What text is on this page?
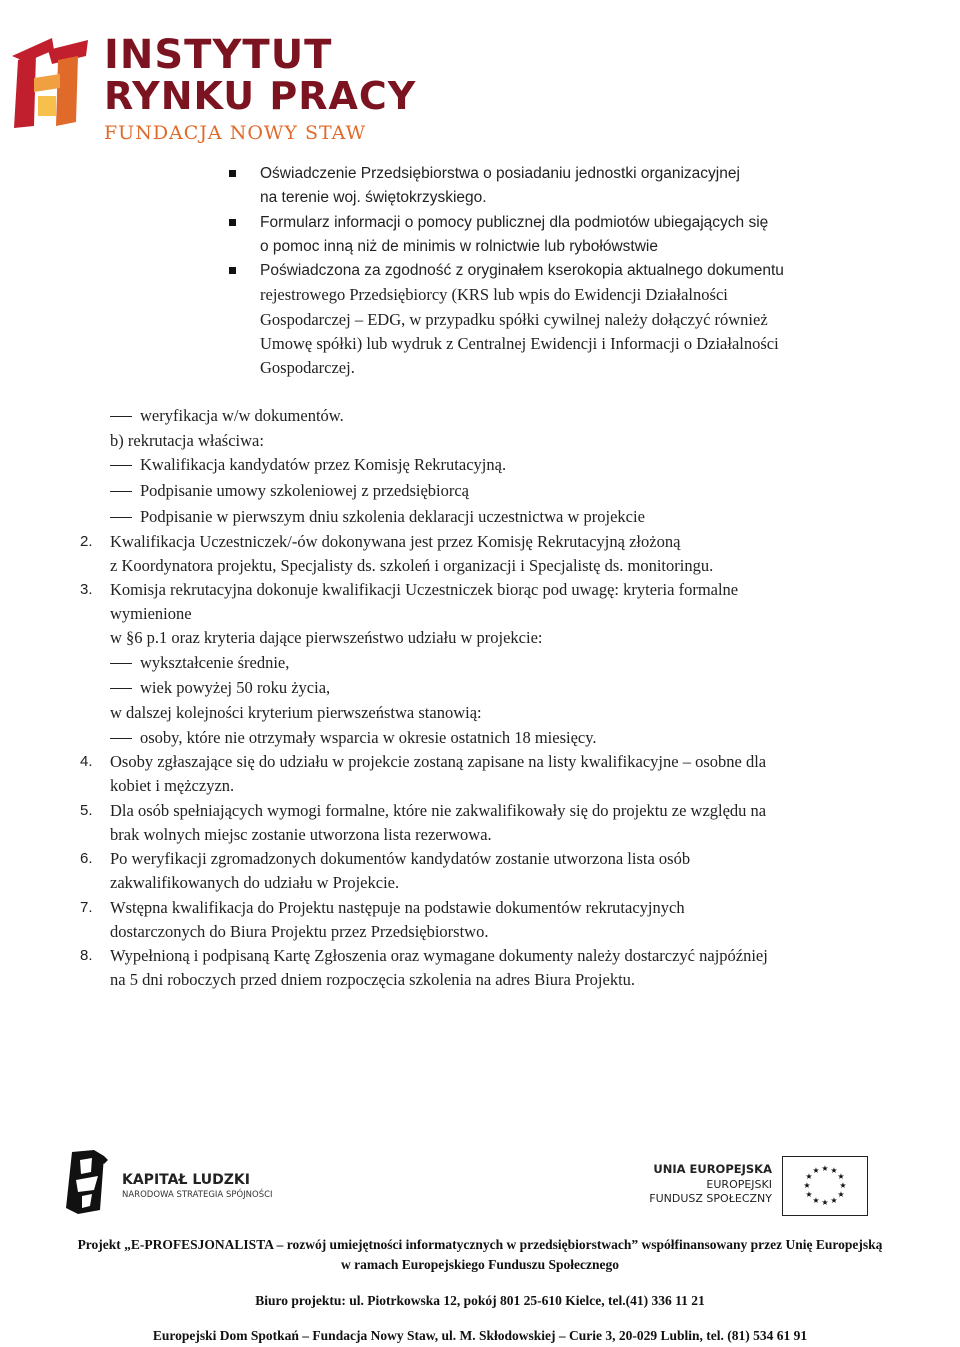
INSTYTUT
RYNKU PRACY
FUNDACJA NOWY STAW
Oświadczenie Przedsiębiorstwa o posiadaniu jednostki organizacyjnej
na terenie woj. świętokrzyskiego.
Formularz informacji o pomocy publicznej dla podmiotów ubiegających się
o pomoc inną niż de minimis w rolnictwie lub rybołówstwie
Poświadczona za zgodność z oryginałem kserokopia aktualnego dokumentu
rejestrowego Przedsiębiorcy (KRS lub wpis do Ewidencji Działalności
Gospodarczej – EDG, w przypadku spółki cywilnej należy dołączyć również
Umowę spółki) lub wydruk z Centralnej Ewidencji i Informacji o Działalności
Gospodarczej.
weryfikacja w/w dokumentów.
b) rekrutacja właściwa:
Kwalifikacja kandydatów przez Komisję Rekrutacyjną.
Podpisanie umowy szkoleniowej z przedsiębiorcą
Podpisanie w pierwszym dniu szkolenia deklaracji uczestnictwa w projekcie
2. Kwalifikacja Uczestniczek/-ów dokonywana jest przez Komisję Rekrutacyjną złożoną
z Koordynatora projektu, Specjalisty ds. szkoleń i organizacji i Specjalistę ds. monitoringu.
3. Komisja rekrutacyjna dokonuje kwalifikacji Uczestniczek biorąc pod uwagę: kryteria formalne
wymienione
w §6 p.1 oraz kryteria dające pierwszeństwo udziału w projekcie:
wykształcenie średnie,
wiek powyżej 50 roku życia,
w dalszej kolejności kryterium pierwszeństwa stanowią:
osoby, które nie otrzymały wsparcia w okresie ostatnich 18 miesięcy.
4. Osoby zgłaszające się do udziału w projekcie zostaną zapisane na listy kwalifikacyjne – osobne dla
kobiet i mężczyzn.
5. Dla osób spełniających wymogi formalne, które nie zakwalifikowały się do projektu ze względu na
brak wolnych miejsc zostanie utworzona lista rezerwowa.
6. Po weryfikacji zgromadzonych dokumentów kandydatów zostanie utworzona lista osób
zakwalifikowanych do udziału w Projekcie.
7. Wstępna kwalifikacja do Projektu następuje na podstawie dokumentów rekrutacyjnych
dostarczonych do Biura Projektu przez Przedsiębiorstwo.
8. Wypełnioną i podpisaną Kartę Zgłoszenia oraz wymagane dokumenty należy dostarczyć najpóźniej
na 5 dni roboczych przed dniem rozpoczęcia szkolenia na adres Biura Projektu.
KAPITAŁ LUDZKI
NARODOWA STRATEGIA SPÓJNOŚCI
UNIA EUROPEJSKA
EUROPEJSKI
FUNDUSZ SPOŁECZNY
★ ★
★
★
★
★
★
★
★
★
★
★
Projekt „E-PROFESJONALISTA – rozwój umiejętności informatycznych w przedsiębiorstwach” współfinansowany przez Unię Europejską
w ramach Europejskiego Funduszu Społecznego
Biuro projektu: ul. Piotrkowska 12, pokój 801 25-610 Kielce, tel.(41) 336 11 21
Europejski Dom Spotkań – Fundacja Nowy Staw, ul. M. Skłodowskiej – Curie 3, 20-029 Lublin, tel. (81) 534 61 91
